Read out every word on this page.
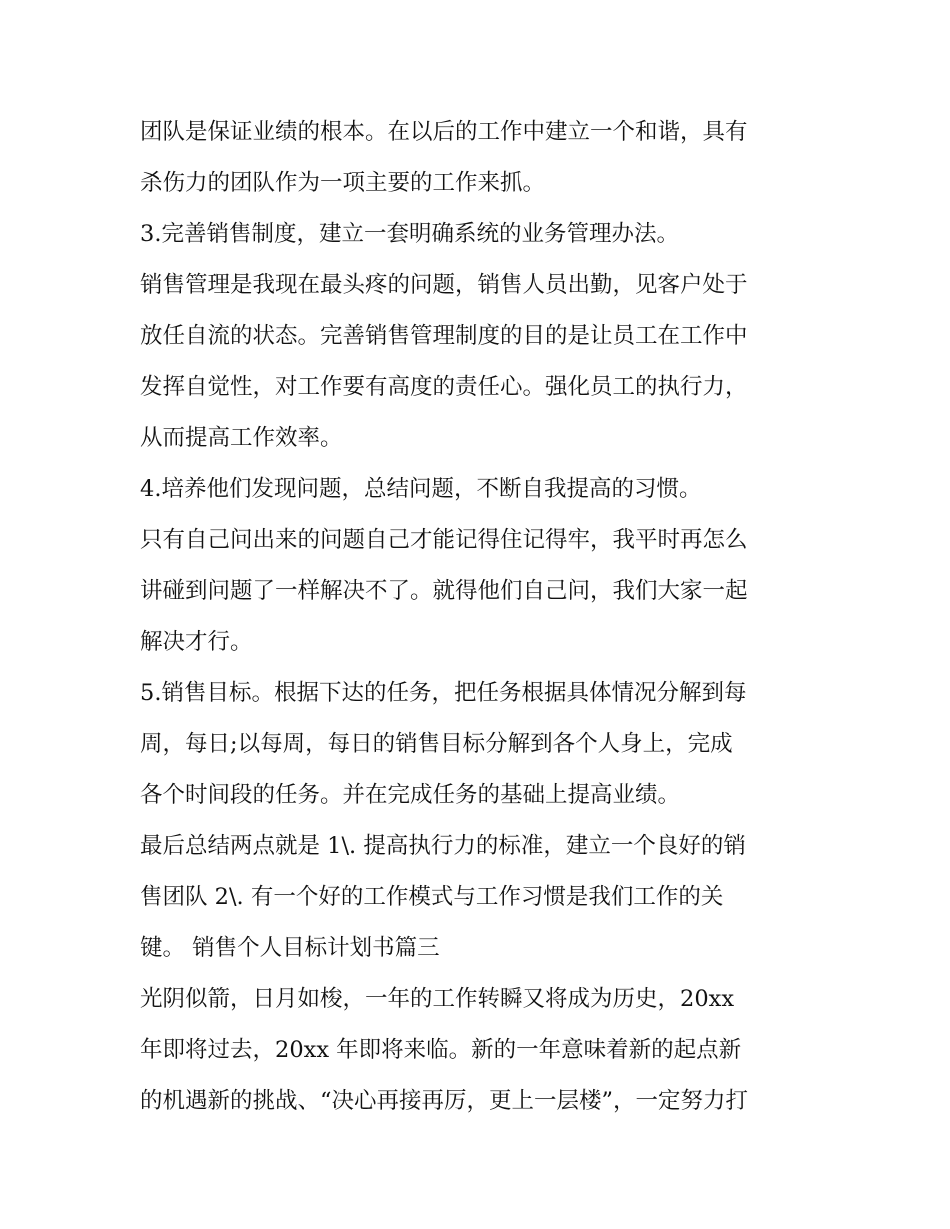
团队是保证业绩的根本。在以后的工作中建立一个和谐，具有
杀伤力的团队作为一项主要的工作来抓。
3.完善销售制度，建立一套明确系统的业务管理办法。
销售管理是我现在最头疼的问题，销售人员出勤，见客户处于
放任自流的状态。完善销售管理制度的目的是让员工在工作中
发挥自觉性，对工作要有高度的责任心。强化员工的执行力，
从而提高工作效率。
4.培养他们发现问题，总结问题，不断自我提高的习惯。
只有自己问出来的问题自己才能记得住记得牢，我平时再怎么
讲碰到问题了一样解决不了。就得他们自己问，我们大家一起
解决才行。
5.销售目标。根据下达的任务，把任务根据具体情况分解到每
周，每日;以每周，每日的销售目标分解到各个人身上，完成
各个时间段的任务。并在完成任务的基础上提高业绩。
最后总结两点就是 1\. 提高执行力的标准，建立一个良好的销
售团队 2\. 有一个好的工作模式与工作习惯是我们工作的关
键。 销售个人目标计划书篇三
光阴似箭，日月如梭，一年的工作转瞬又将成为历史，20xx
年即将过去，20xx 年即将来临。新的一年意味着新的起点新
的机遇新的挑战、“决心再接再厉，更上一层楼”，一定努力打
